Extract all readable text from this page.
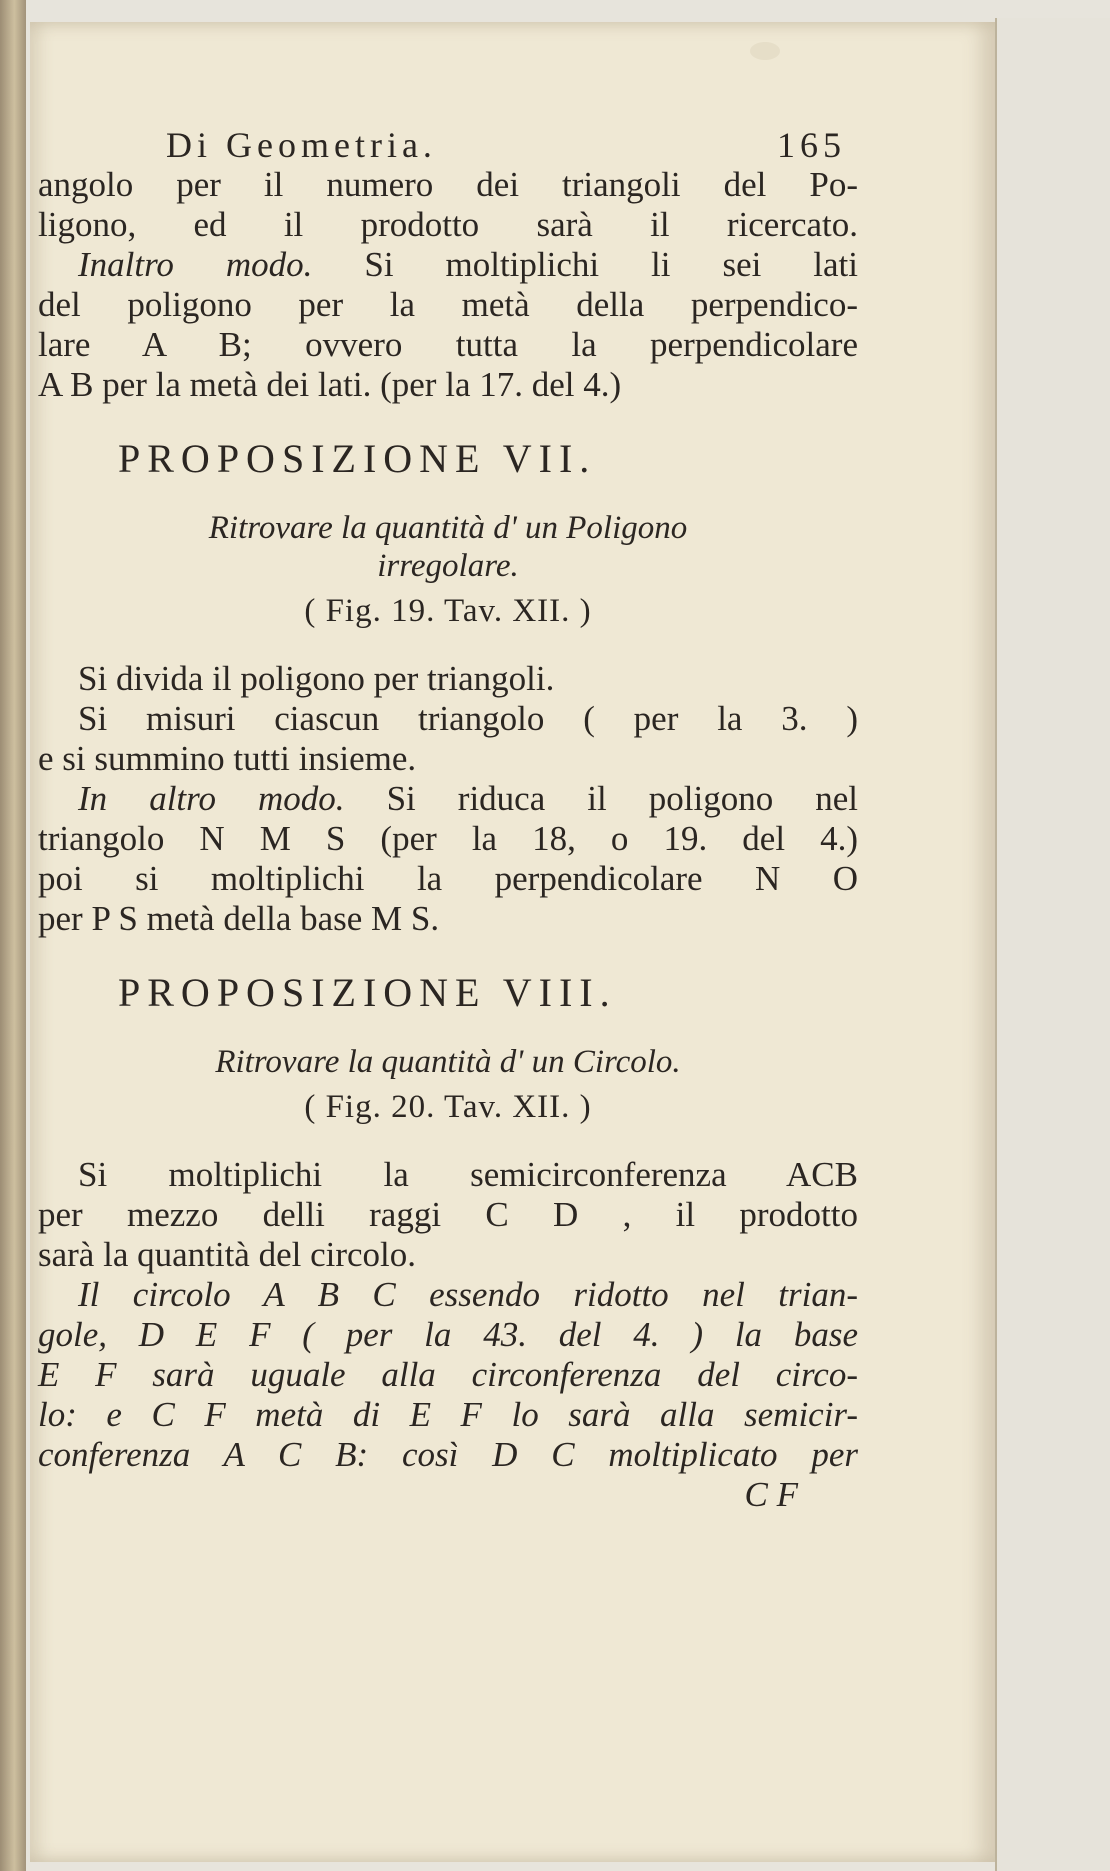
Di Geometria.	165

angolo per il numero dei triangoli del Po-

ligono, ed il prodotto sarà il ricercato.

Inaltro modo. Si moltiplichi li sei lati

del poligono per la metà della perpendico-

lare A B; ovvero tutta la perpendicolare

A B per la metà dei lati. (per la 17. del 4.)

PROPOSIZIONE VII.

Ritrovare la quantità d' un Poligono

irregolare.

( Fig. 19. Tav. XII. )

Si divida il poligono per triangoli.

Si misuri ciascun triangolo ( per la 3. )

e si summino tutti insieme.

In altro modo. Si riduca il poligono nel

triangolo N M S (per la 18, o 19. del 4.)

poi si moltiplichi la perpendicolare N O

per P S metà della base M S.

PROPOSIZIONE VIII.

Ritrovare la quantità d' un Circolo.

( Fig. 20. Tav. XII. )

Si moltiplichi la semicirconferenza ACB

per mezzo delli raggi C D , il prodotto

sarà la quantità del circolo.

Il circolo A B C essendo ridotto nel trian-

gole, D E F ( per la 43. del 4. ) la base

E F sarà uguale alla circonferenza del circo-

lo: e C F metà di E F lo sarà alla semicir-

conferenza A C B: così D C moltiplicato per

C F
